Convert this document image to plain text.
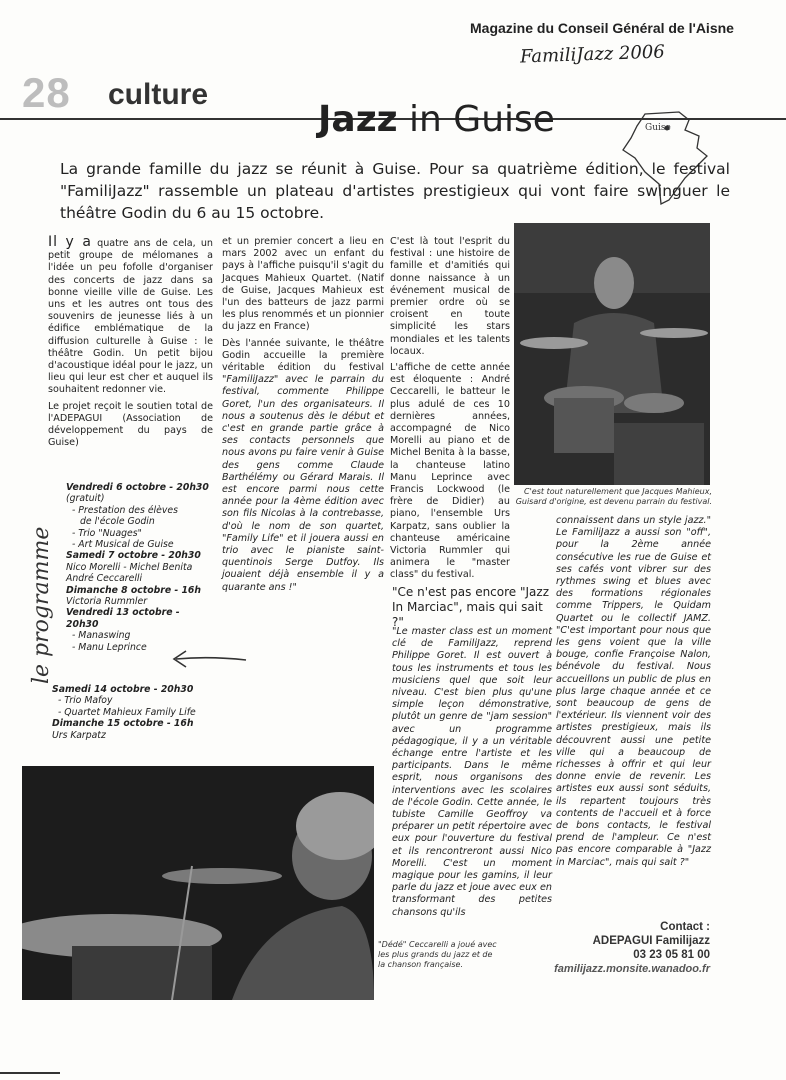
Magazine du Conseil Général de l'Aisne
FamiliJazz 2006
28 culture
Jazz in Guise	Guise
La grande famille du jazz se réunit à Guise. Pour sa quatrième édition, le festival "FamiliJazz" rassemble un plateau d'artistes prestigieux qui vont faire swinguer le théâtre Godin du 6 au 15 octobre.

Il y a quatre ans de cela, un petit groupe de mélomanes a l'idée un peu fofolle d'organiser des concerts de jazz dans sa bonne vieille ville de Guise. Les uns et les autres ont tous des souvenirs de jeunesse liés à un édifice emblématique de la diffusion culturelle à Guise : le théâtre Godin. Un petit bijou d'acoustique idéal pour le jazz, un lieu qui leur est cher et auquel ils souhaitent redonner vie.

Le projet reçoit le soutien total de l'ADEPAGUI (Association de développement du pays de Guise)

le programme
Vendredi 6 octobre - 20h30
(gratuit)
- Prestation des élèves
de l'école Godin
- Trio "Nuages"
- Art Musical de Guise
Samedi 7 octobre - 20h30
Nico Morelli - Michel Benita
André Ceccarelli
Dimanche 8 octobre - 16h
Victoria Rummler
Vendredi 13 octobre -
20h30
- Manaswing
- Manu Leprince
Samedi 14 octobre - 20h30
- Trio Mafoy
- Quartet Mahieux Family Life
Dimanche 15 octobre - 16h
Urs Karpatz

et un premier concert a lieu en mars 2002 avec un enfant du pays à l'affiche puisqu'il s'agit du Jacques Mahieux Quartet. (Natif de Guise, Jacques Mahieux est l'un des batteurs de jazz parmi les plus renommés et un pionnier du jazz en France)

Dès l'année suivante, le théâtre Godin accueille la première véritable édition du festival "FamiliJazz" avec le parrain du festival, commente Philippe Goret, l'un des organisateurs. Il nous a soutenus dès le début et c'est en grande partie grâce à ses contacts personnels que nous avons pu faire venir à Guise des gens comme Claude Barthélémy ou Gérard Marais. Il est encore parmi nous cette année pour la 4ème édition avec son fils Nicolas à la contrebasse, d'où le nom de son quartet, "Family Life" et il jouera aussi en trio avec le pianiste saint-quentinois Serge Dutfoy. Ils jouaient déjà ensemble il y a quarante ans !"

C'est là tout l'esprit du festival : une histoire de famille et d'amitiés qui donne naissance à un événement musical de premier ordre où se croisent en toute simplicité les stars mondiales et les talents locaux.

L'affiche de cette année est éloquente : André Ceccarelli, le batteur le plus adulé de ces 10 dernières années, accompagné de Nico Morelli au piano et de Michel Benita à la basse, la chanteuse latino Manu Leprince avec Francis Lockwood (le frère de Didier) au piano, l'ensemble Urs Karpatz, sans oublier la chanteuse américaine Victoria Rummler qui animera le "master class" du festival.

"Ce n'est pas encore "Jazz In Marciac", mais qui sait ?"
"Le master class est un moment clé de FamiliJazz, reprend Philippe Goret. Il est ouvert à tous les instruments et tous les musiciens quel que soit leur niveau. C'est bien plus qu'une simple leçon démonstrative, plutôt un genre de "jam session" avec un programme pédagogique, il y a un véritable échange entre l'artiste et les participants. Dans le même esprit, nous organisons des interventions avec les scolaires de l'école Godin. Cette année, le tubiste Camille Geoffroy va préparer un petit répertoire avec eux pour l'ouverture du festival et ils rencontreront aussi Nico Morelli. C'est un moment magique pour les gamins, il leur parle du jazz et joue avec eux en transformant des petites chansons qu'ils

connaissent dans un style jazz." Le FamiliJazz a aussi son "off", pour la 2ème année consécutive les rue de Guise et ses cafés vont vibrer sur des rythmes swing et blues avec des formations régionales comme Trippers, le Quidam Quartet ou le collectif JAMZ. "C'est important pour nous que les gens voient que la ville bouge, confie Françoise Nalon, bénévole du festival. Nous accueillons un public de plus en plus large chaque année et ce sont beaucoup de gens de l'extérieur. Ils viennent voir des artistes prestigieux, mais ils découvrent aussi une petite ville qui a beaucoup de richesses à offrir et qui leur donne envie de revenir. Les artistes eux aussi sont séduits, ils repartent toujours très contents de l'accueil et à force de bons contacts, le festival prend de l'ampleur. Ce n'est pas encore comparable à "Jazz in Marciac", mais qui sait ?"

C'est tout naturellement que Jacques Mahieux, Guisard d'origine, est devenu parrain du festival.
"Dédé" Ceccarelli a joué avec les plus grands du jazz et de la chanson française.
Contact :
ADEPAGUI Familijazz
03 23 05 81 00
familijazz.monsite.wanadoo.fr
